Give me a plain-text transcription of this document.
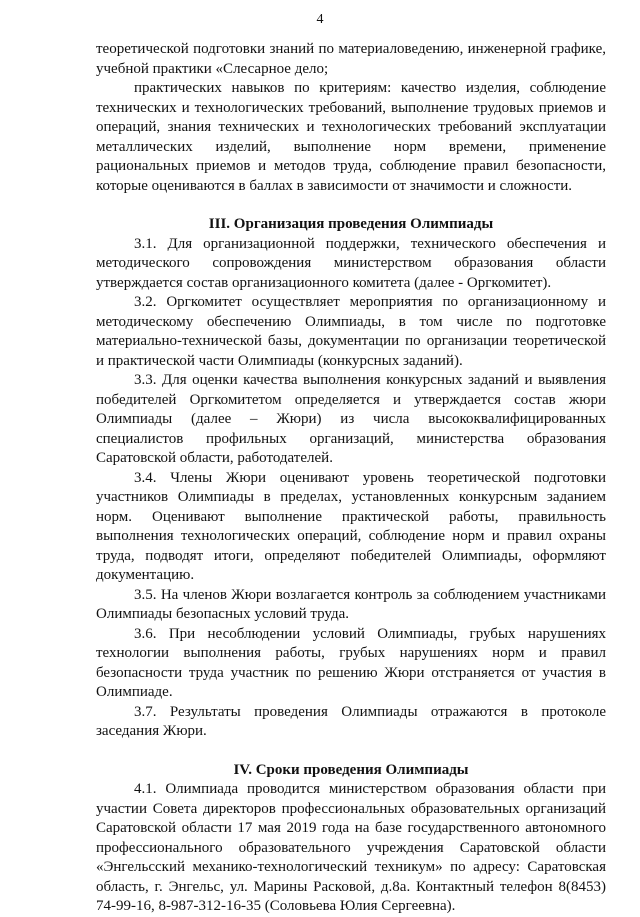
4

теоретической подготовки знаний по материаловедению, инженерной графике, учебной практики «Слесарное дело;

практических навыков по критериям: качество изделия, соблюдение технических и технологических требований, выполнение трудовых приемов и операций, знания технических и технологических требований эксплуатации металлических изделий, выполнение норм времени, применение рациональных приемов и методов труда, соблюдение правил безопасности, которые оцениваются в баллах в зависимости от значимости и сложности.

III. Организация проведения Олимпиады

3.1. Для организационной поддержки, технического обеспечения и методического сопровождения министерством образования области утверждается состав организационного комитета (далее - Оргкомитет).

3.2. Оргкомитет осуществляет мероприятия по организационному и методическому обеспечению Олимпиады, в том числе по подготовке материально-технической базы, документации по организации теоретической и практической части Олимпиады (конкурсных заданий).

3.3. Для оценки качества выполнения конкурсных заданий и выявления победителей Оргкомитетом определяется и утверждается состав жюри Олимпиады (далее – Жюри) из числа высококвалифицированных специалистов профильных организаций, министерства образования Саратовской области, работодателей.

3.4. Члены Жюри оценивают уровень теоретической подготовки участников Олимпиады в пределах, установленных конкурсным заданием норм. Оценивают выполнение практической работы, правильность выполнения технологических операций, соблюдение норм и правил охраны труда, подводят итоги, определяют победителей Олимпиады, оформляют документацию.

3.5. На членов Жюри возлагается контроль за соблюдением участниками Олимпиады безопасных условий труда.

3.6. При несоблюдении условий Олимпиады, грубых нарушениях технологии выполнения работы, грубых нарушениях норм и правил безопасности труда участник по решению Жюри отстраняется от участия в Олимпиаде.

3.7. Результаты проведения Олимпиады отражаются в протоколе заседания Жюри.

IV. Сроки проведения Олимпиады

4.1. Олимпиада проводится министерством образования области при участии Совета директоров профессиональных образовательных организаций Саратовской области 17 мая 2019 года на базе государственного автономного профессионального образовательного учреждения Саратовской области «Энгельсский механико-технологический техникум» по адресу: Саратовская область, г. Энгельс, ул. Марины Расковой, д.8а. Контактный телефон 8(8453) 74-99-16, 8-987-312-16-35 (Соловьева Юлия Сергеевна).
